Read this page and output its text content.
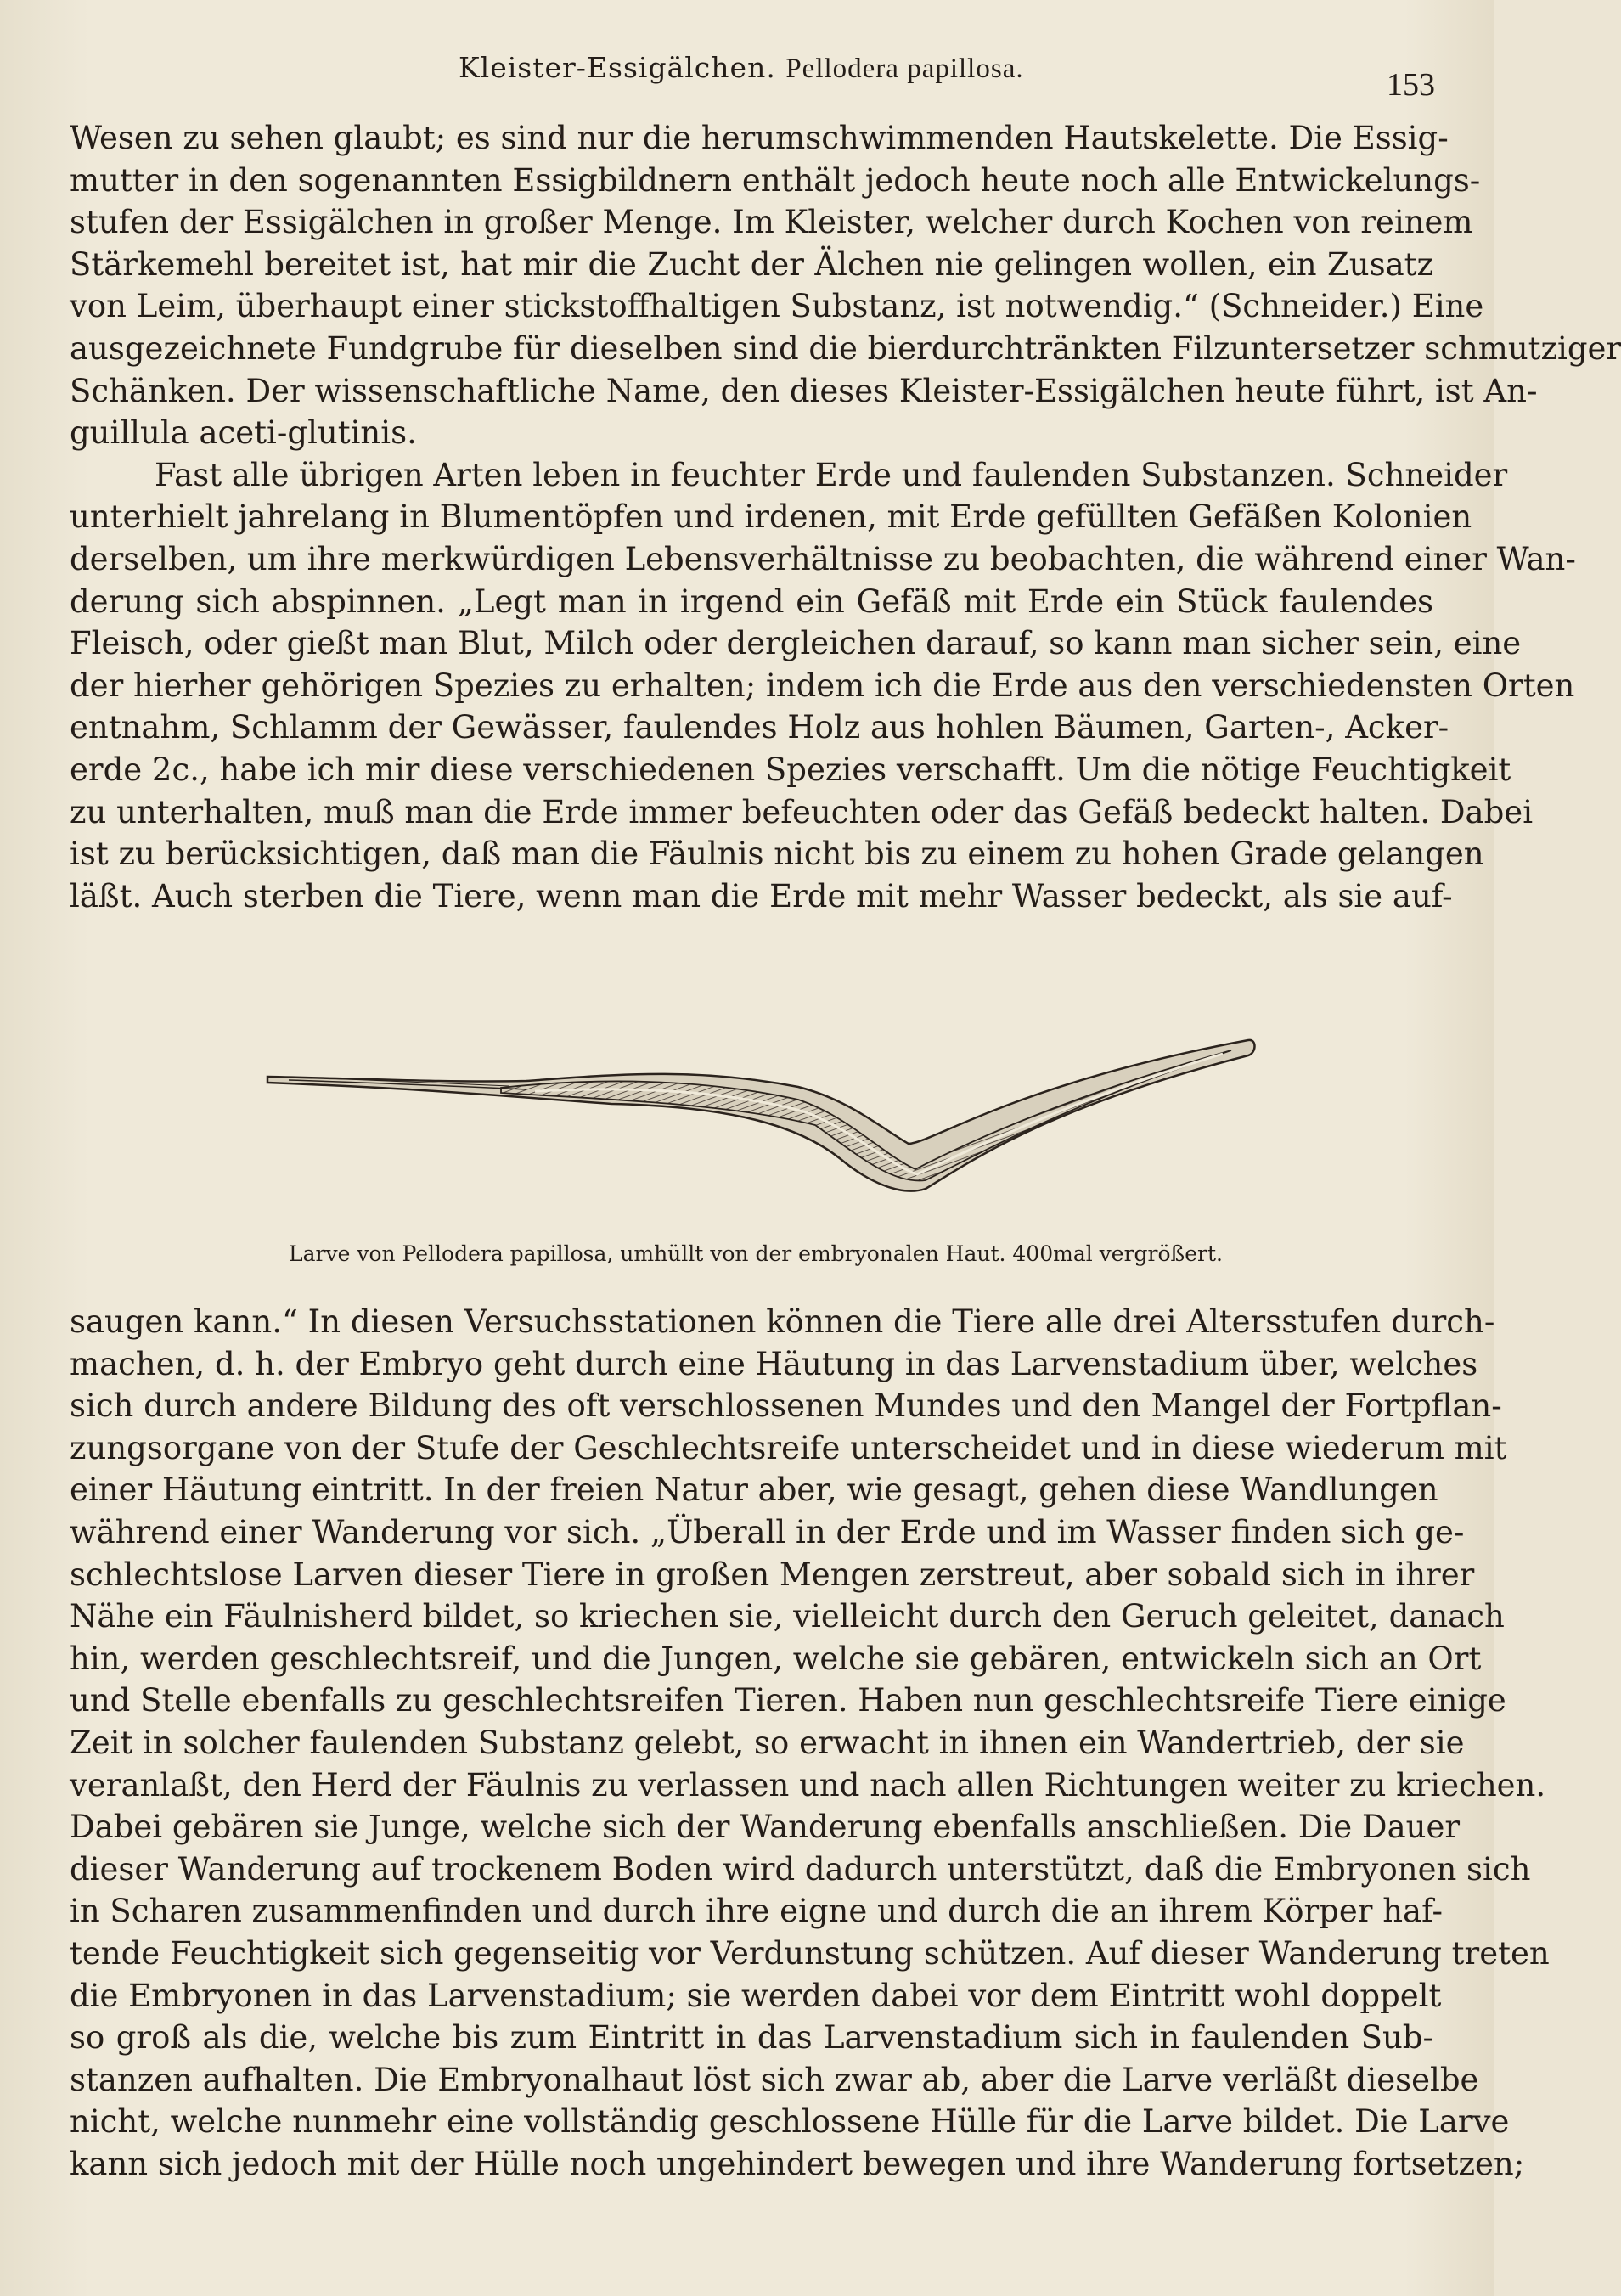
Kleister-Essigälchen. Pellodera papillosa.	153
Wesen zu sehen glaubt; es sind nur die herumschwimmenden Hautskelette. Die Essig-
mutter in den sogenannten Essigbildnern enthält jedoch heute noch alle Entwickelungs-
stufen der Essigälchen in großer Menge. Im Kleister, welcher durch Kochen von reinem
Stärkemehl bereitet ist, hat mir die Zucht der Älchen nie gelingen wollen, ein Zusatz
von Leim, überhaupt einer stickstoffhaltigen Substanz, ist notwendig.“ (Schneider.) Eine
ausgezeichnete Fundgrube für dieselben sind die bierdurchtränkten Filzuntersetzer schmutziger
Schänken. Der wissenschaftliche Name, den dieses Kleister-Essigälchen heute führt, ist An-
guillula aceti-glutinis.
Fast alle übrigen Arten leben in feuchter Erde und faulenden Substanzen. Schneider
unterhielt jahrelang in Blumentöpfen und irdenen, mit Erde gefüllten Gefäßen Kolonien
derselben, um ihre merkwürdigen Lebensverhältnisse zu beobachten, die während einer Wan-
derung sich abspinnen. „Legt man in irgend ein Gefäß mit Erde ein Stück faulendes
Fleisch, oder gießt man Blut, Milch oder dergleichen darauf, so kann man sicher sein, eine
der hierher gehörigen Spezies zu erhalten; indem ich die Erde aus den verschiedensten Orten
entnahm, Schlamm der Gewässer, faulendes Holz aus hohlen Bäumen, Garten-, Acker-
erde 2c., habe ich mir diese verschiedenen Spezies verschafft. Um die nötige Feuchtigkeit
zu unterhalten, muß man die Erde immer befeuchten oder das Gefäß bedeckt halten. Dabei
ist zu berücksichtigen, daß man die Fäulnis nicht bis zu einem zu hohen Grade gelangen
läßt. Auch sterben die Tiere, wenn man die Erde mit mehr Wasser bedeckt, als sie auf-
Larve von Pellodera papillosa, umhüllt von der embryonalen Haut. 400mal vergrößert.
saugen kann.“ In diesen Versuchsstationen können die Tiere alle drei Altersstufen durch-
machen, d. h. der Embryo geht durch eine Häutung in das Larvenstadium über, welches
sich durch andere Bildung des oft verschlossenen Mundes und den Mangel der Fortpflan-
zungsorgane von der Stufe der Geschlechtsreife unterscheidet und in diese wiederum mit
einer Häutung eintritt. In der freien Natur aber, wie gesagt, gehen diese Wandlungen
während einer Wanderung vor sich. „Überall in der Erde und im Wasser finden sich ge-
schlechtslose Larven dieser Tiere in großen Mengen zerstreut, aber sobald sich in ihrer
Nähe ein Fäulnisherd bildet, so kriechen sie, vielleicht durch den Geruch geleitet, danach
hin, werden geschlechtsreif, und die Jungen, welche sie gebären, entwickeln sich an Ort
und Stelle ebenfalls zu geschlechtsreifen Tieren. Haben nun geschlechtsreife Tiere einige
Zeit in solcher faulenden Substanz gelebt, so erwacht in ihnen ein Wandertrieb, der sie
veranlaßt, den Herd der Fäulnis zu verlassen und nach allen Richtungen weiter zu kriechen.
Dabei gebären sie Junge, welche sich der Wanderung ebenfalls anschließen. Die Dauer
dieser Wanderung auf trockenem Boden wird dadurch unterstützt, daß die Embryonen sich
in Scharen zusammenfinden und durch ihre eigne und durch die an ihrem Körper haf-
tende Feuchtigkeit sich gegenseitig vor Verdunstung schützen. Auf dieser Wanderung treten
die Embryonen in das Larvenstadium; sie werden dabei vor dem Eintritt wohl doppelt
so groß als die, welche bis zum Eintritt in das Larvenstadium sich in faulenden Sub-
stanzen aufhalten. Die Embryonalhaut löst sich zwar ab, aber die Larve verläßt dieselbe
nicht, welche nunmehr eine vollständig geschlossene Hülle für die Larve bildet. Die Larve
kann sich jedoch mit der Hülle noch ungehindert bewegen und ihre Wanderung fortsetzen;
